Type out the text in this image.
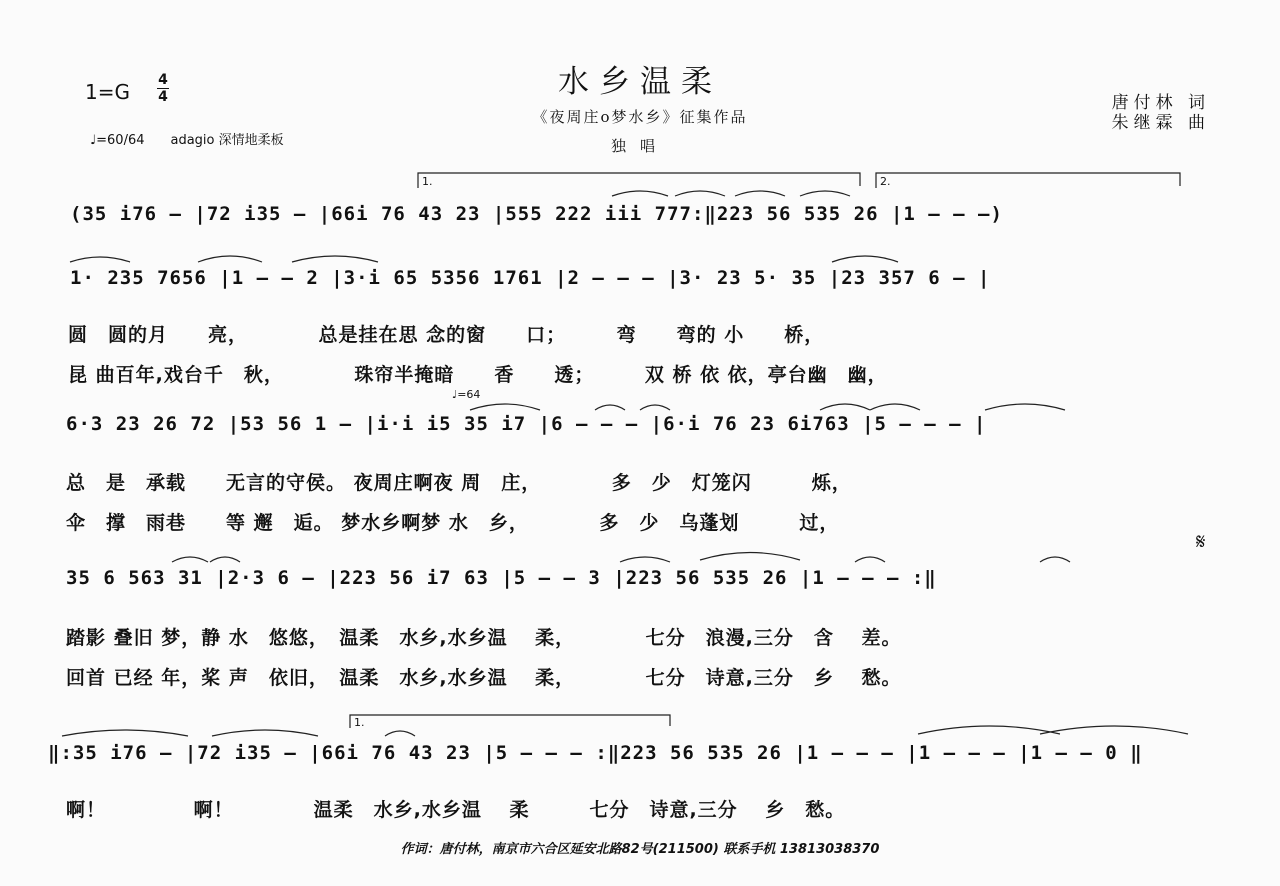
水乡温柔
《夜周庄o梦水乡》征集作品
独唱
1=G 4
4
♩=60/64　　adagio 深情地柔板
唐付林 词
朱继霖 曲
1.	2.
(35 i76 – |72 i35 – |66i 76 43 23 |555 222 iii 777:‖223 56 535 26 |1 – – –)
1· 235 7656 |1 – – 2 |3·i 65 5356 1761 |2 – – – |3· 23 5· 35 |23 357 6 – |
圆　圆的月　　亮，　　　　总是挂在思 念的窗　　口；　　　弯　　弯的 小　　桥，
昆 曲百年,戏台千　秋，　　　　珠帘半掩暗　　香　　透；　　　双 桥 依 依，亭台幽　幽，
♩=64
6·3 23 26 72 |53 56 1 – |i·i i5 35 i7 |6 – – – |6·i 76 23 6i763 |5 – – – |
总　是　承载　　无言的守侯。 夜周庄啊夜 周　庄，　　　　多　少　灯笼闪　　　烁，
伞　撑　雨巷　　等 邂　逅。 梦水乡啊梦 水　乡，　　　　多　少　乌蓬划　　　过，
𝄋
35 6 563 31 |2·3 6 – |223 56 i7 63 |5 – – 3 |223 56 535 26 |1 – – – :‖
踏影 叠旧 梦，静 水　悠悠，　温柔　水乡,水乡温　 柔，　　　　七分　浪漫,三分　含　 差。
回首 已经 年，桨 声　依旧，　温柔　水乡,水乡温　 柔，　　　　七分　诗意,三分　乡　 愁。
1.
‖:35 i76 – |72 i35 – |66i 76 43 23 |5 – – – :‖223 56 535 26 |1 – – – |1 – – – |1 – – 0 ‖
啊！　　　　 啊！　　　　温柔　水乡,水乡温　 柔　　　七分　诗意,三分　 乡　愁。
作词：唐付林，南京市六合区延安北路82号(211500) 联系手机 13813038370
